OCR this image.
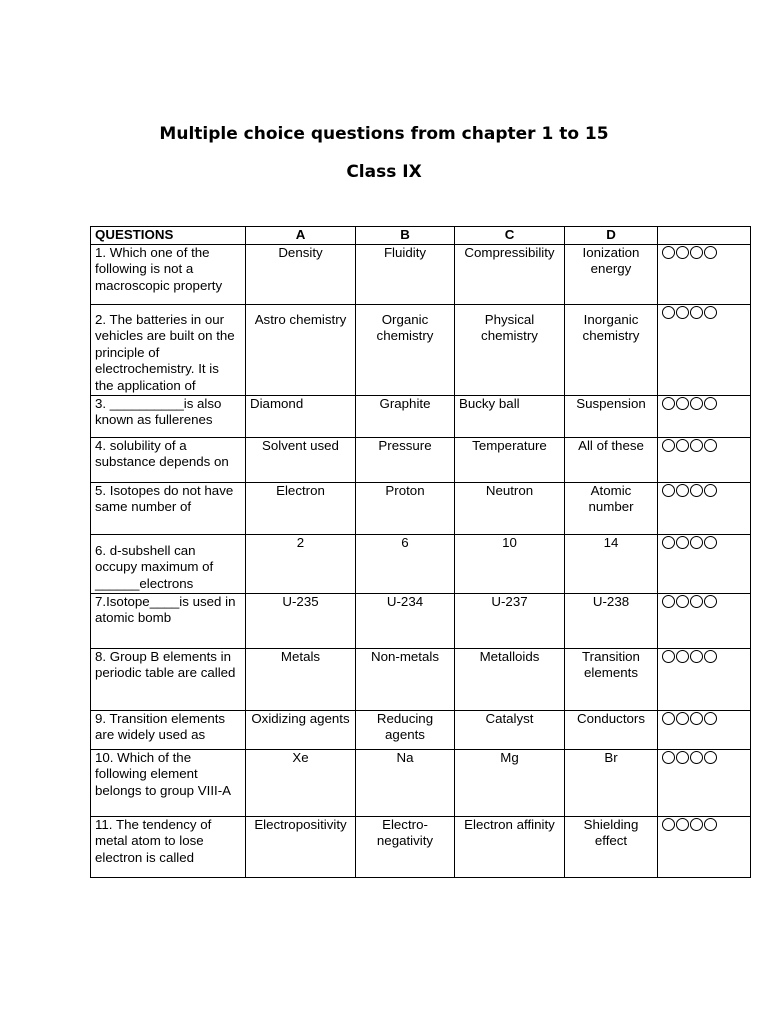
Multiple choice questions from chapter 1 to 15
Class IX
QUESTIONS	A	B	C	D	
1. Which one of the following is not a macroscopic property	Density	Fluidity	Compressibility	Ionization energy	
2. The batteries in our vehicles are built on the principle of electrochemistry. It is the application of	Astro chemistry	Organic chemistry	Physical chemistry	Inorganic chemistry	
3. __________is also known as fullerenes	Diamond	Graphite	Bucky ball	Suspension	
4. solubility of a substance depends on	Solvent used	Pressure	Temperature	All of these	
5. Isotopes do not have same number of	Electron	Proton	Neutron	Atomic number	
6. d-subshell can occupy maximum of ______electrons	2	6	10	14	
7.Isotope____is used in atomic bomb	U-235	U-234	U-237	U-238	
8. Group B elements in periodic table are called	Metals	Non-metals	Metalloids	Transition elements	
9. Transition elements are widely used as	Oxidizing agents	Reducing agents	Catalyst	Conductors	
10. Which of the following element belongs to group VIII-A	Xe	Na	Mg	Br	
11. The tendency of metal atom to lose electron is called	Electropositivity	Electro-negativity	Electron affinity	Shielding effect	
